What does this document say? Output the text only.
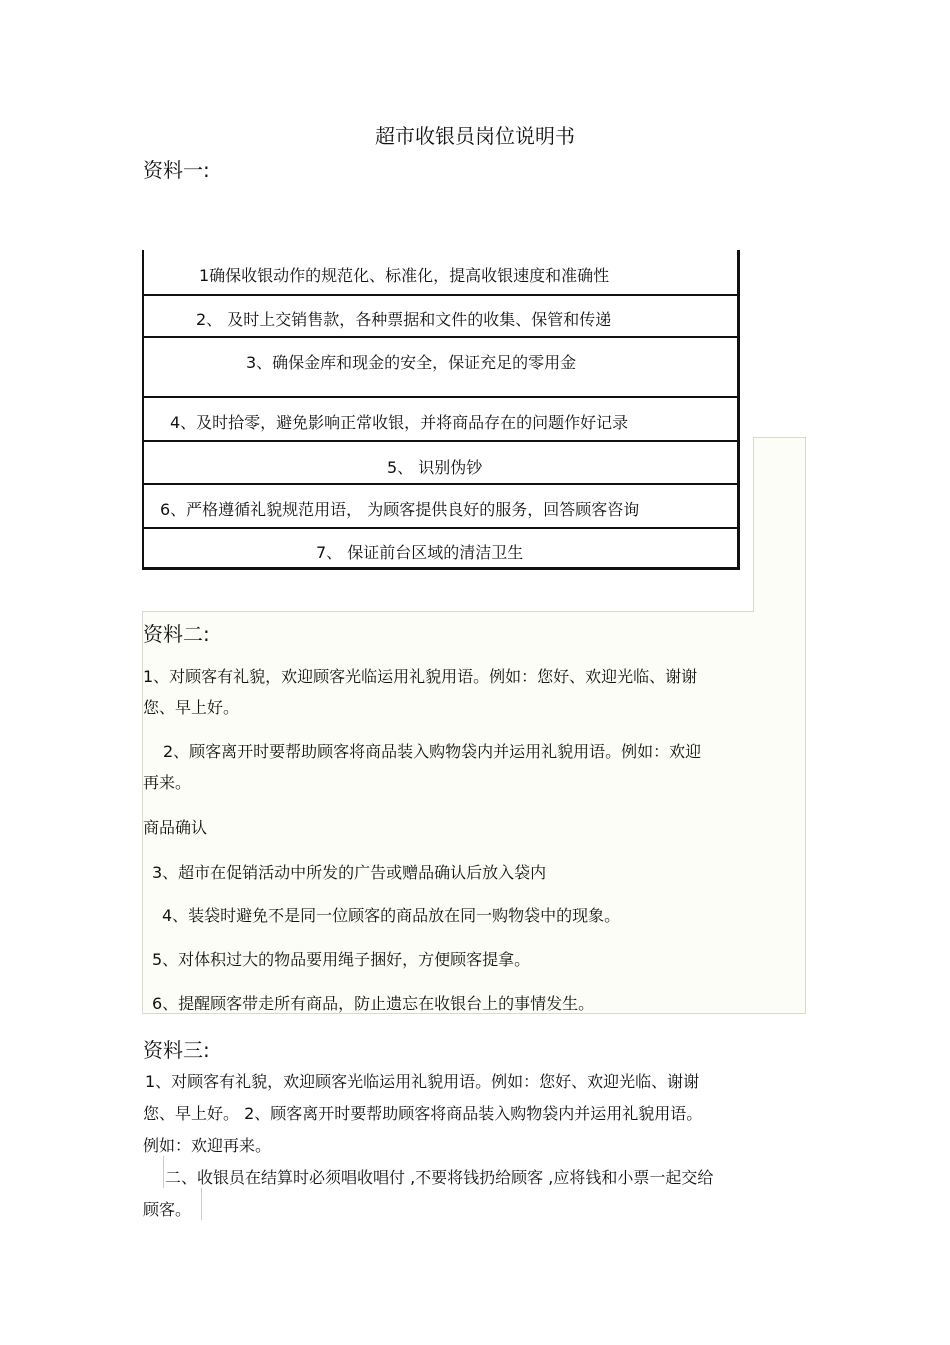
超市收银员岗位说明书
资料一:
1确保收银动作的规范化、标准化，提高收银速度和准确性
2、 及时上交销售款，各种票据和文件的收集、保管和传递
3、确保金库和现金的安全，保证充足的零用金
4、及时拾零，避免影响正常收银，并将商品存在的问题作好记录
5、 识别伪钞
6、严格遵循礼貌规范用语， 为顾客提供良好的服务，回答顾客咨询
7、 保证前台区域的清洁卫生
资料二:
1、对顾客有礼貌，欢迎顾客光临运用礼貌用语。例如：您好、欢迎光临、谢谢
您、早上好。
2、顾客离开时要帮助顾客将商品装入购物袋内并运用礼貌用语。例如：欢迎
再来。
商品确认
3、超市在促销活动中所发的广告或赠品确认后放入袋内
4、装袋时避免不是同一位顾客的商品放在同一购物袋中的现象。
5、对体积过大的物品要用绳子捆好，方便顾客提拿。
6、提醒顾客带走所有商品，防止遗忘在收银台上的事情发生。
资料三:
1、对顾客有礼貌，欢迎顾客光临运用礼貌用语。例如：您好、欢迎光临、谢谢
您、早上好。 2、顾客离开时要帮助顾客将商品装入购物袋内并运用礼貌用语。
例如：欢迎再来。
二、收银员在结算时必须唱收唱付 ,不要将钱扔给顾客 ,应将钱和小票一起交给
顾客。
